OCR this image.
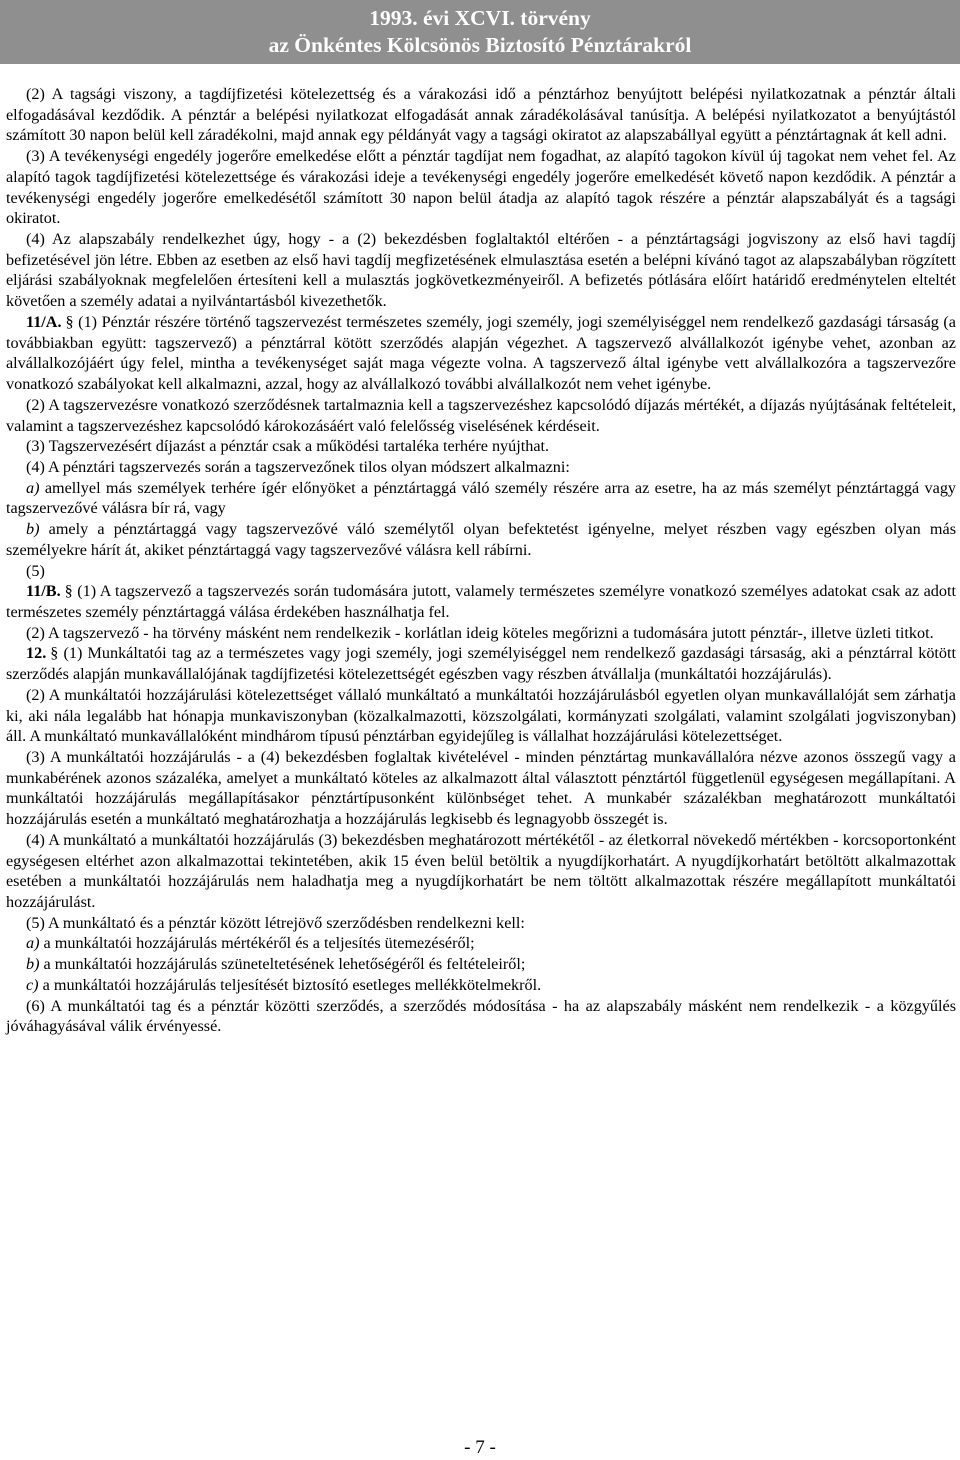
1993. évi XCVI. törvény
az Önkéntes Kölcsönös Biztosító Pénztárakról

(2) A tagsági viszony, a tagdíjfizetési kötelezettség és a várakozási idő a pénztárhoz benyújtott belépési nyilatkozatnak a pénztár általi elfogadásával kezdődik. A pénztár a belépési nyilatkozat elfogadását annak záradékolásával tanúsítja. A belépési nyilatkozatot a benyújtástól számított 30 napon belül kell záradékolni, majd annak egy példányát vagy a tagsági okiratot az alapszabállyal együtt a pénztártagnak át kell adni.

(3) A tevékenységi engedély jogerőre emelkedése előtt a pénztár tagdíjat nem fogadhat, az alapító tagokon kívül új tagokat nem vehet fel. Az alapító tagok tagdíjfizetési kötelezettsége és várakozási ideje a tevékenységi engedély jogerőre emelkedését követő napon kezdődik. A pénztár a tevékenységi engedély jogerőre emelkedésétől számított 30 napon belül átadja az alapító tagok részére a pénztár alapszabályát és a tagsági okiratot.

(4) Az alapszabály rendelkezhet úgy, hogy - a (2) bekezdésben foglaltaktól eltérően - a pénztártagsági jogviszony az első havi tagdíj befizetésével jön létre. Ebben az esetben az első havi tagdíj megfizetésének elmulasztása esetén a belépni kívánó tagot az alapszabályban rögzített eljárási szabályoknak megfelelően értesíteni kell a mulasztás jogkövetkezményeiről. A befizetés pótlására előírt határidő eredménytelen elteltét követően a személy adatai a nyilvántartásból kivezethetők.

11/A. § (1) Pénztár részére történő tagszervezést természetes személy, jogi személy, jogi személyiséggel nem rendelkező gazdasági társaság (a továbbiakban együtt: tagszervező) a pénztárral kötött szerződés alapján végezhet. A tagszervező alvállalkozót igénybe vehet, azonban az alvállalkozójáért úgy felel, mintha a tevékenységet saját maga végezte volna. A tagszervező által igénybe vett alvállalkozóra a tagszervezőre vonatkozó szabályokat kell alkalmazni, azzal, hogy az alvállalkozó további alvállalkozót nem vehet igénybe.

(2) A tagszervezésre vonatkozó szerződésnek tartalmaznia kell a tagszervezéshez kapcsolódó díjazás mértékét, a díjazás nyújtásának feltételeit, valamint a tagszervezéshez kapcsolódó károkozásáért való felelősség viselésének kérdéseit.

(3) Tagszervezésért díjazást a pénztár csak a működési tartaléka terhére nyújthat.

(4) A pénztári tagszervezés során a tagszervezőnek tilos olyan módszert alkalmazni:

a) amellyel más személyek terhére ígér előnyöket a pénztártaggá váló személy részére arra az esetre, ha az más személyt pénztártaggá vagy tagszervezővé válásra bír rá, vagy

b) amely a pénztártaggá vagy tagszervezővé váló személytől olyan befektetést igényelne, melyet részben vagy egészben olyan más személyekre hárít át, akiket pénztártaggá vagy tagszervezővé válásra kell rábírni.

(5)

11/B. § (1) A tagszervező a tagszervezés során tudomására jutott, valamely természetes személyre vonatkozó személyes adatokat csak az adott természetes személy pénztártaggá válása érdekében használhatja fel.

(2) A tagszervező - ha törvény másként nem rendelkezik - korlátlan ideig köteles megőrizni a tudomására jutott pénztár-, illetve üzleti titkot.

12. § (1) Munkáltatói tag az a természetes vagy jogi személy, jogi személyiséggel nem rendelkező gazdasági társaság, aki a pénztárral kötött szerződés alapján munkavállalójának tagdíjfizetési kötelezettségét egészben vagy részben átvállalja (munkáltatói hozzájárulás).

(2) A munkáltatói hozzájárulási kötelezettséget vállaló munkáltató a munkáltatói hozzájárulásból egyetlen olyan munkavállalóját sem zárhatja ki, aki nála legalább hat hónapja munkaviszonyban (közalkalmazotti, közszolgálati, kormányzati szolgálati, valamint szolgálati jogviszonyban) áll. A munkáltató munkavállalóként mindhárom típusú pénztárban egyidejűleg is vállalhat hozzájárulási kötelezettséget.

(3) A munkáltatói hozzájárulás - a (4) bekezdésben foglaltak kivételével - minden pénztártag munkavállalóra nézve azonos összegű vagy a munkabérének azonos százaléka, amelyet a munkáltató köteles az alkalmazott által választott pénztártól függetlenül egységesen megállapítani. A munkáltatói hozzájárulás megállapításakor pénztártípusonként különbséget tehet. A munkabér százalékban meghatározott munkáltatói hozzájárulás esetén a munkáltató meghatározhatja a hozzájárulás legkisebb és legnagyobb összegét is.

(4) A munkáltató a munkáltatói hozzájárulás (3) bekezdésben meghatározott mértékétől - az életkorral növekedő mértékben - korcsoportonként egységesen eltérhet azon alkalmazottai tekintetében, akik 15 éven belül betöltik a nyugdíjkorhatárt. A nyugdíjkorhatárt betöltött alkalmazottak esetében a munkáltatói hozzájárulás nem haladhatja meg a nyugdíjkorhatárt be nem töltött alkalmazottak részére megállapított munkáltatói hozzájárulást.

(5) A munkáltató és a pénztár között létrejövő szerződésben rendelkezni kell:

a) a munkáltatói hozzájárulás mértékéről és a teljesítés ütemezéséről;

b) a munkáltatói hozzájárulás szüneteltetésének lehetőségéről és feltételeiről;

c) a munkáltatói hozzájárulás teljesítését biztosító esetleges mellékkötelmekről.

(6) A munkáltatói tag és a pénztár közötti szerződés, a szerződés módosítása - ha az alapszabály másként nem rendelkezik - a közgyűlés jóváhagyásával válik érvényessé.

- 7 -
